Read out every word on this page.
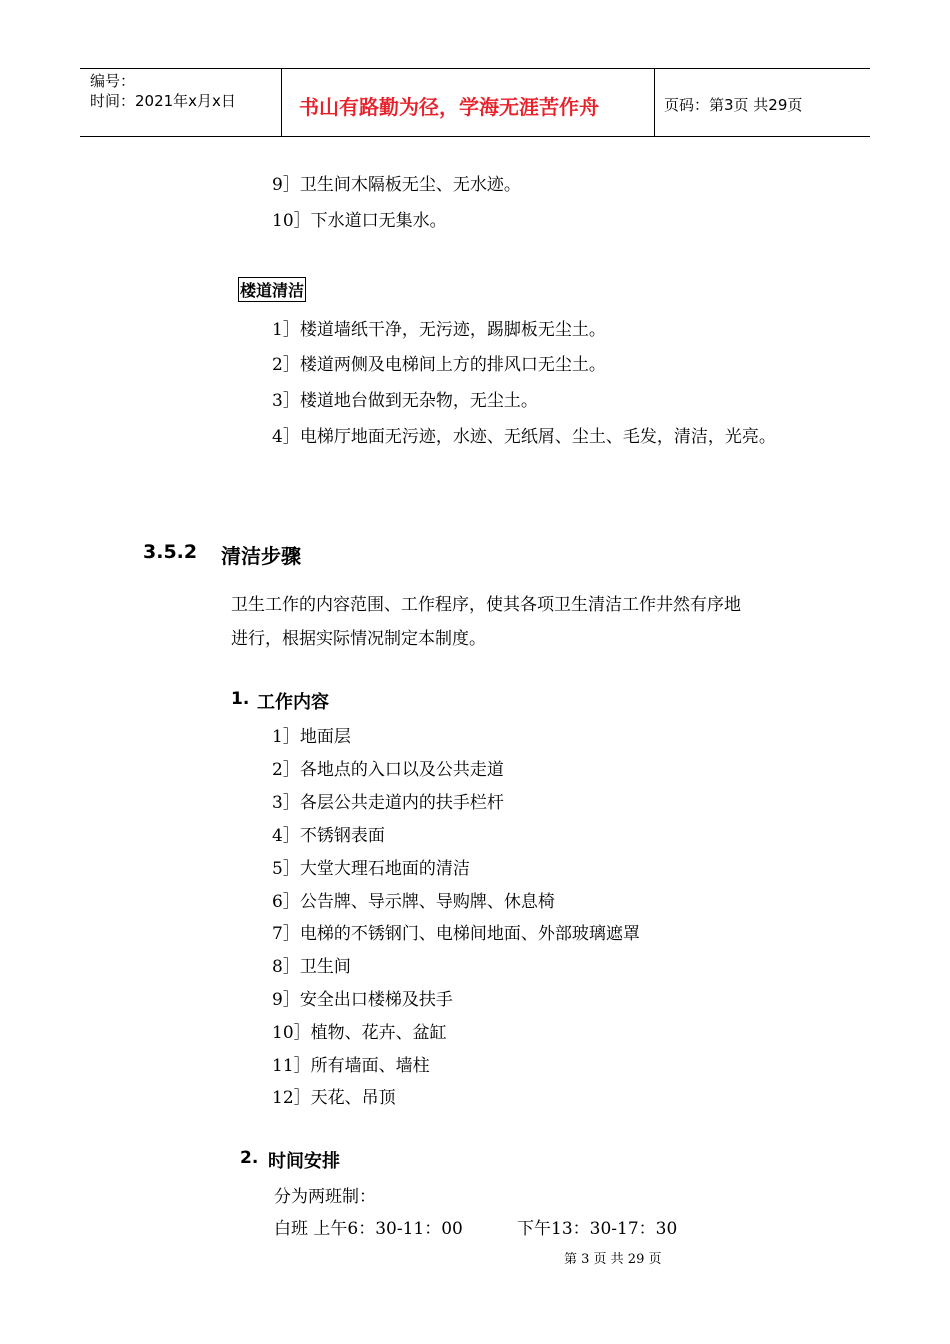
编号：
时间：2021年x月x日	书山有路勤为径，学海无涯苦作舟	页码：第3页 共29页
9］卫生间木隔板无尘、无水迹。
10］下水道口无集水。
楼道清洁
1］楼道墙纸干净，无污迹，踢脚板无尘土。
2］楼道两侧及电梯间上方的排风口无尘土。
3］楼道地台做到无杂物，无尘土。
4］电梯厅地面无污迹，水迹、无纸屑、尘土、毛发，清洁，光亮。
3.5.2 清洁步骤
卫生工作的内容范围、工作程序，使其各项卫生清洁工作井然有序地
进行，根据实际情况制定本制度。
1. 工作内容
1］地面层
2］各地点的入口以及公共走道
3］各层公共走道内的扶手栏杆
4］不锈钢表面
5］大堂大理石地面的清洁
6］公告牌、导示牌、导购牌、休息椅
7］电梯的不锈钢门、电梯间地面、外部玻璃遮罩
8］卫生间
9］安全出口楼梯及扶手
10］植物、花卉、盆缸
11］所有墙面、墙柱
12］天花、吊顶
2. 时间安排
分为两班制：
白班 上午6：30-11：00	下午13：30-17：30
第 3 页 共 29 页
